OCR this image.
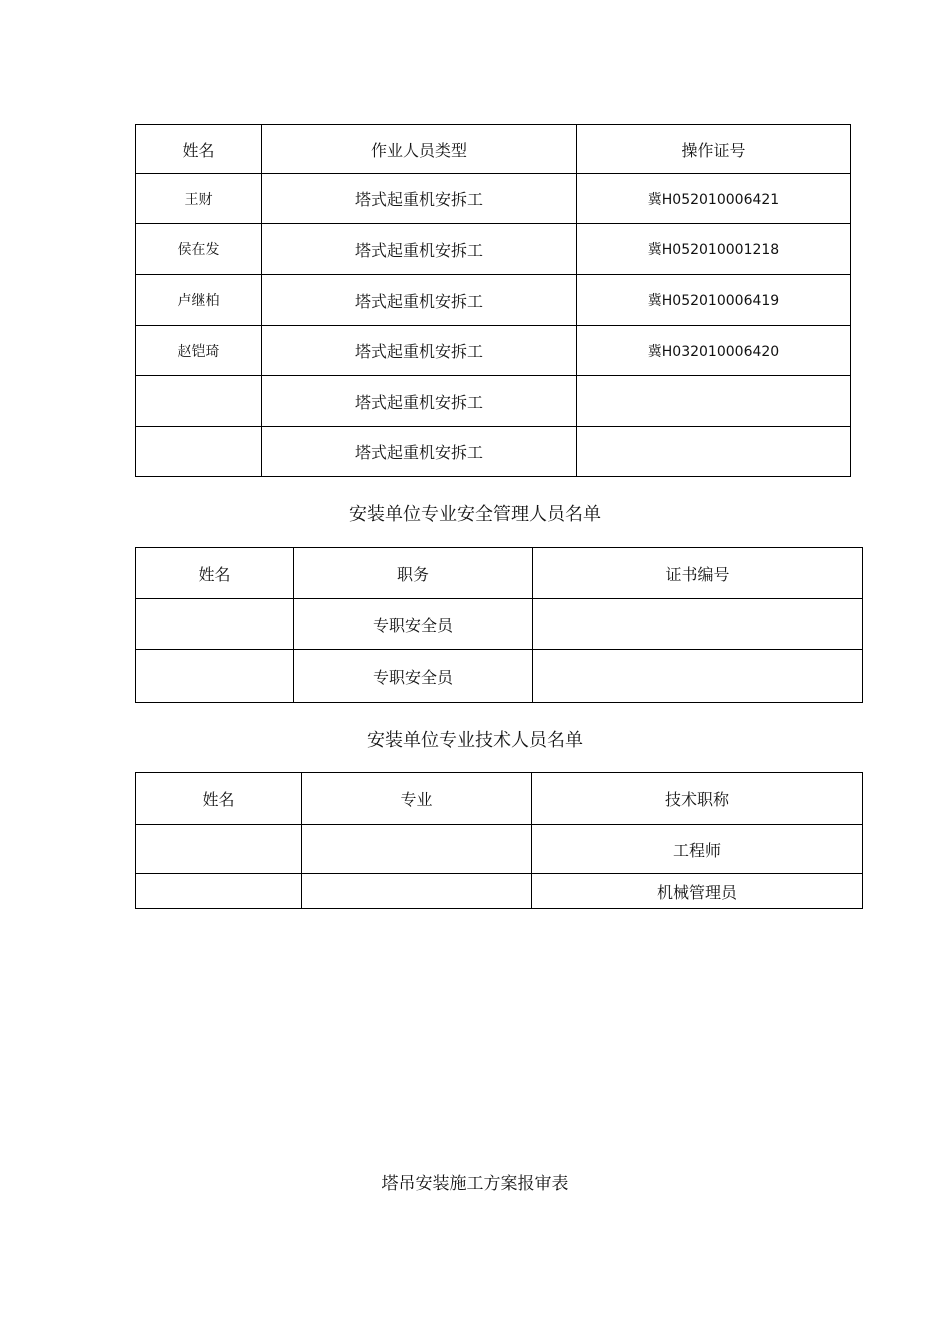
姓名	作业人员类型	操作证号
王财	塔式起重机安拆工	冀H052010006421
侯在发	塔式起重机安拆工	冀H052010001218
卢继柏	塔式起重机安拆工	冀H052010006419
赵铠琦	塔式起重机安拆工	冀H032010006420
	塔式起重机安拆工	
	塔式起重机安拆工	
安装单位专业安全管理人员名单
姓名	职务	证书编号
	专职安全员	
	专职安全员	
安装单位专业技术人员名单
姓名	专业	技术职称
		工程师
		机械管理员
塔吊安装施工方案报审表
